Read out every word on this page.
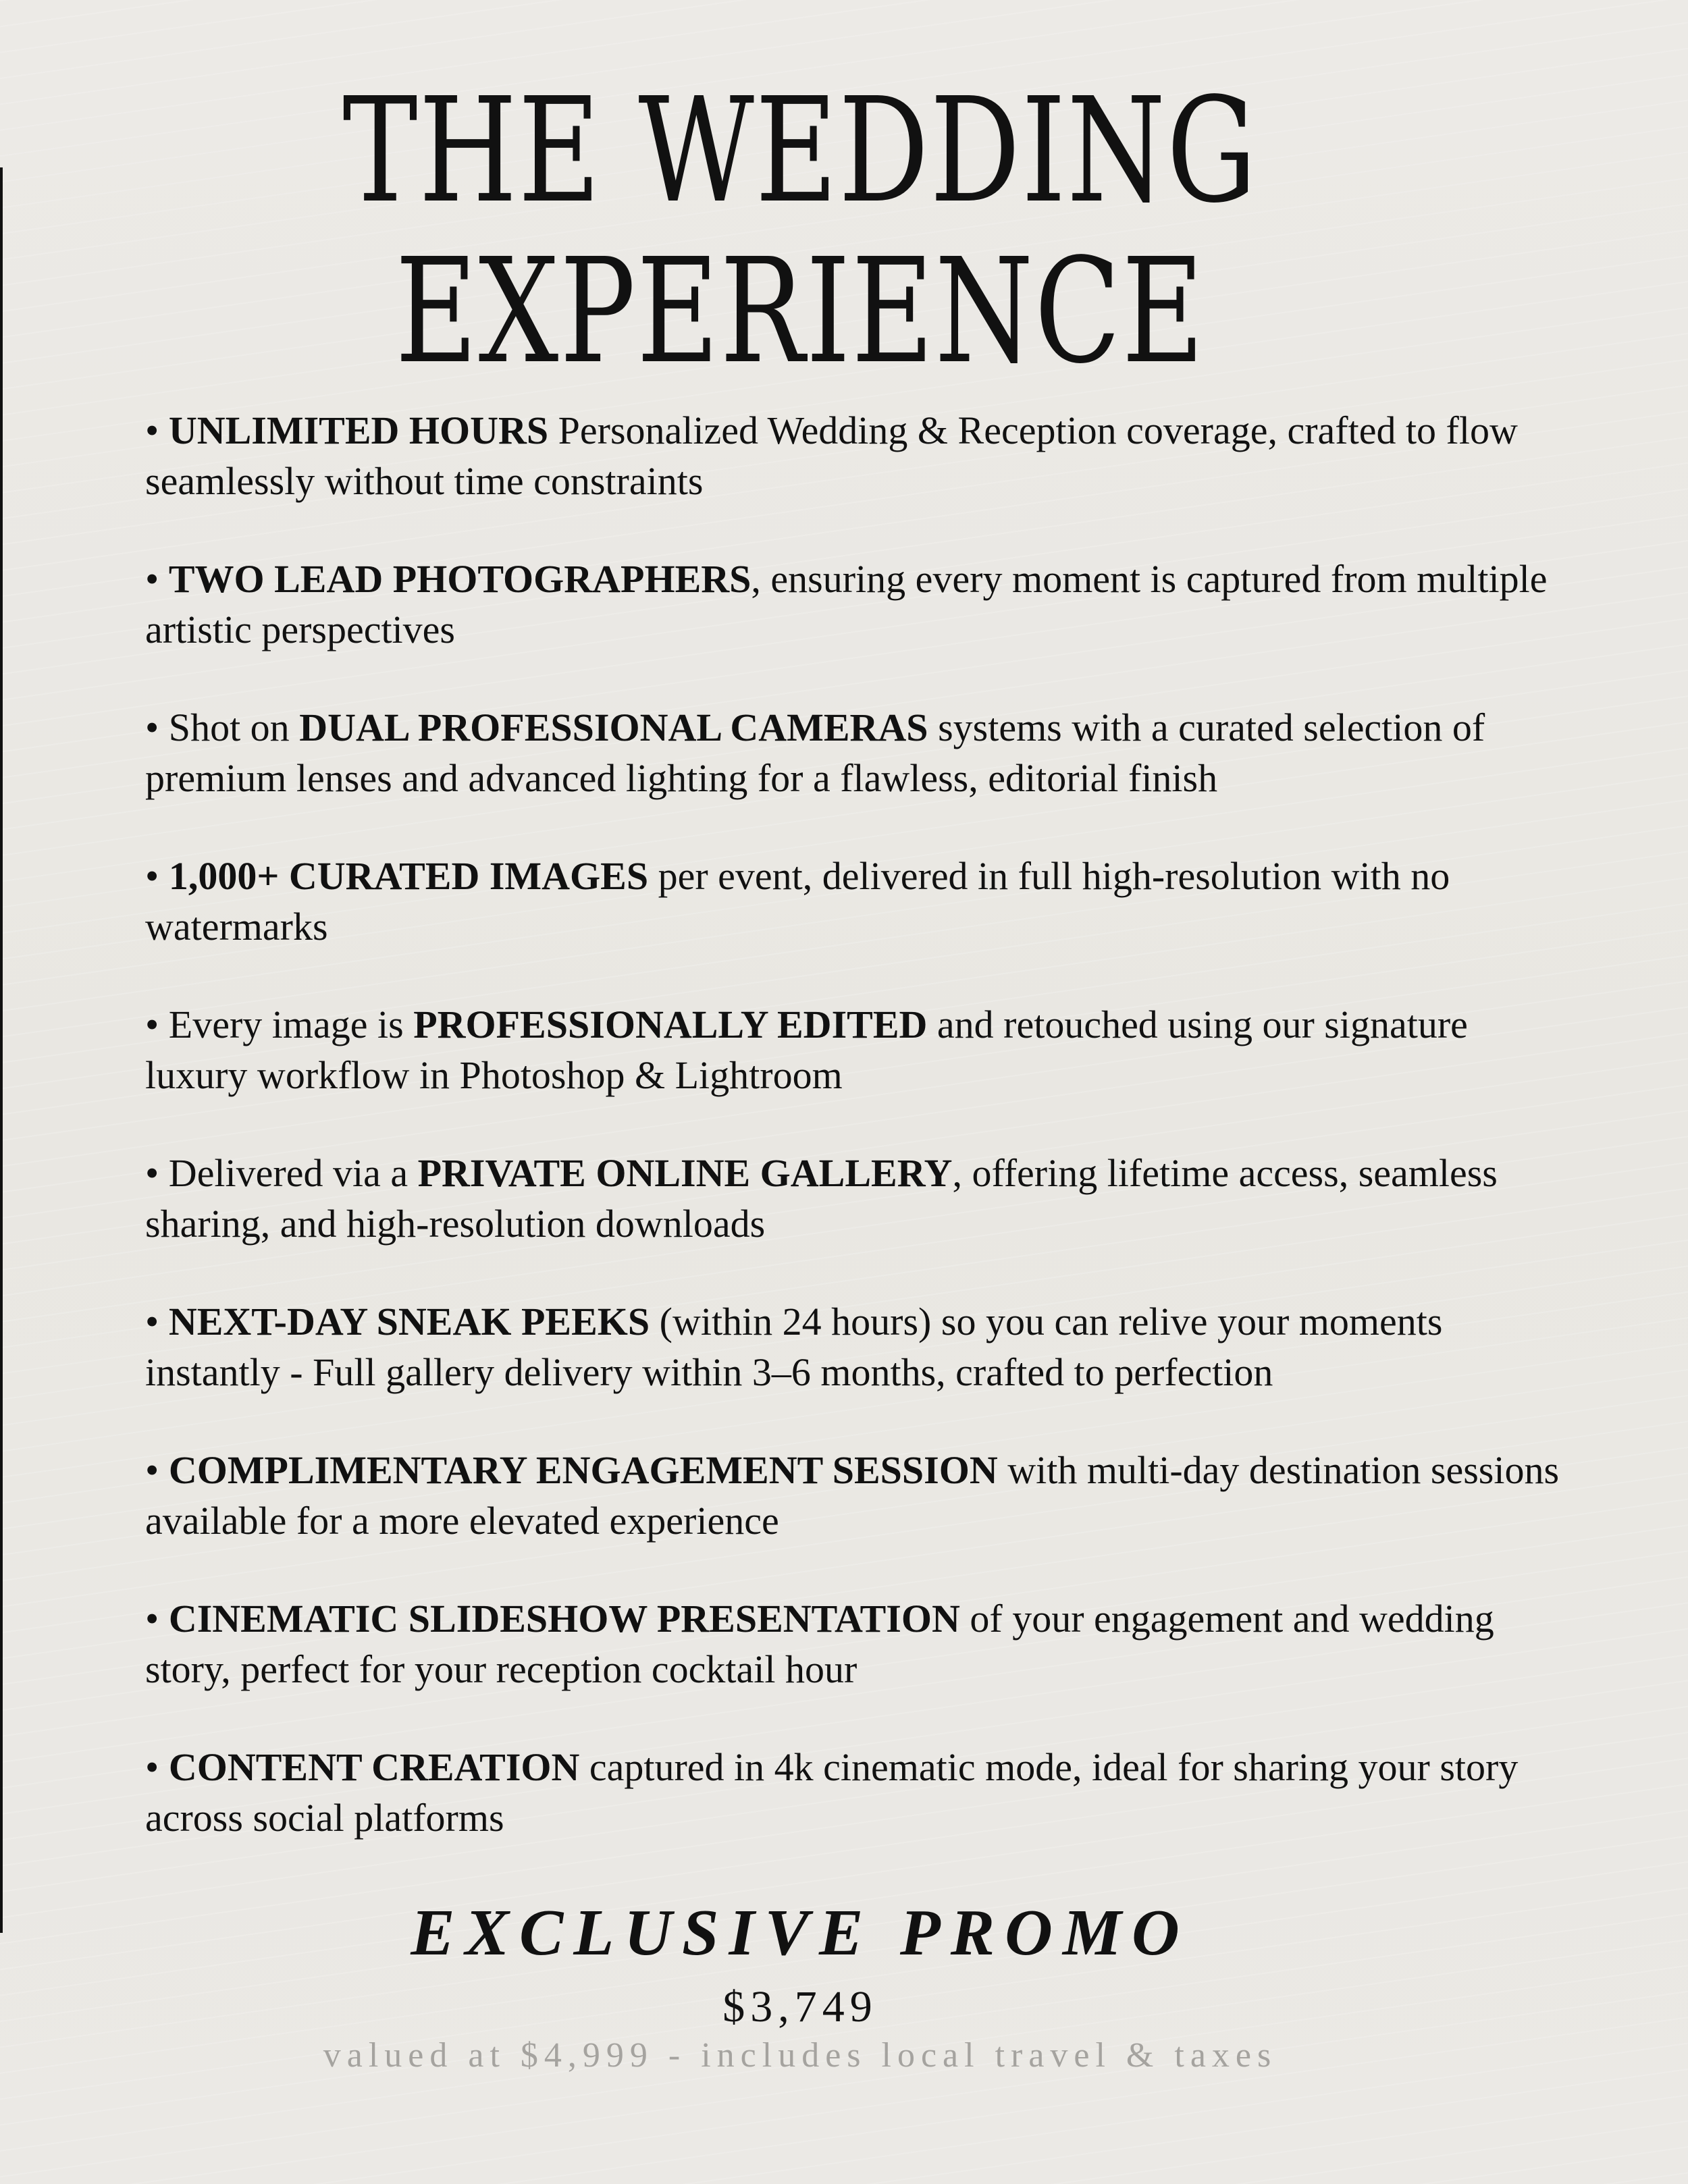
THE WEDDING
EXPERIENCE
• UNLIMITED HOURS Personalized Wedding & Reception coverage, crafted to flow seamlessly without time constraints
• TWO LEAD PHOTOGRAPHERS, ensuring every moment is captured from multiple artistic perspectives
• Shot on DUAL PROFESSIONAL CAMERAS systems with a curated selection of premium lenses and advanced lighting for a flawless, editorial finish
• 1,000+ CURATED IMAGES per event, delivered in full high-resolution with no watermarks
• Every image is PROFESSIONALLY EDITED and retouched using our signature luxury workflow in Photoshop & Lightroom
• Delivered via a PRIVATE ONLINE GALLERY, offering lifetime access, seamless sharing, and high-resolution downloads
• NEXT-DAY SNEAK PEEKS (within 24 hours) so you can relive your moments instantly - Full gallery delivery within 3–6 months, crafted to perfection
• COMPLIMENTARY ENGAGEMENT SESSION with multi-day destination sessions available for a more elevated experience
• CINEMATIC SLIDESHOW PRESENTATION of your engagement and wedding story, perfect for your reception cocktail hour
• CONTENT CREATION captured in 4k cinematic mode, ideal for sharing your story across social platforms
EXCLUSIVE PROMO
$3,749
valued at $4,999 - includes local travel & taxes
